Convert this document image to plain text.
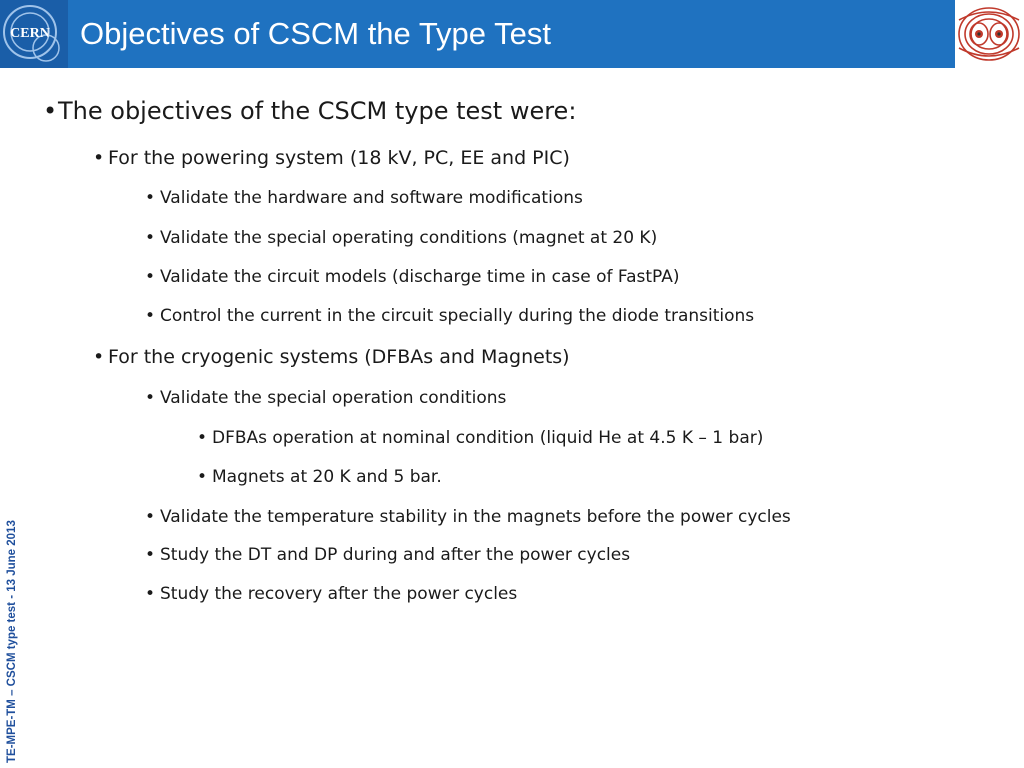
CERN Objectives of CSCM the Type Test
TE-MPE-TM – CSCM type test - 13 June 2013
• The objectives of the CSCM type test were:
• For the powering system (18 kV, PC, EE and PIC)
• Validate the hardware and software modifications
• Validate the special operating conditions (magnet at 20 K)
• Validate the circuit models (discharge time in case of FastPA)
• Control the current in the circuit specially during the diode transitions
• For the cryogenic systems (DFBAs and Magnets)
• Validate the special operation conditions
• DFBAs operation at nominal condition (liquid He at 4.5 K – 1 bar)
• Magnets at 20 K and 5 bar.
• Validate the temperature stability in the magnets before the power cycles
• Study the DT and DP during and after the power cycles
• Study the recovery after the power cycles
